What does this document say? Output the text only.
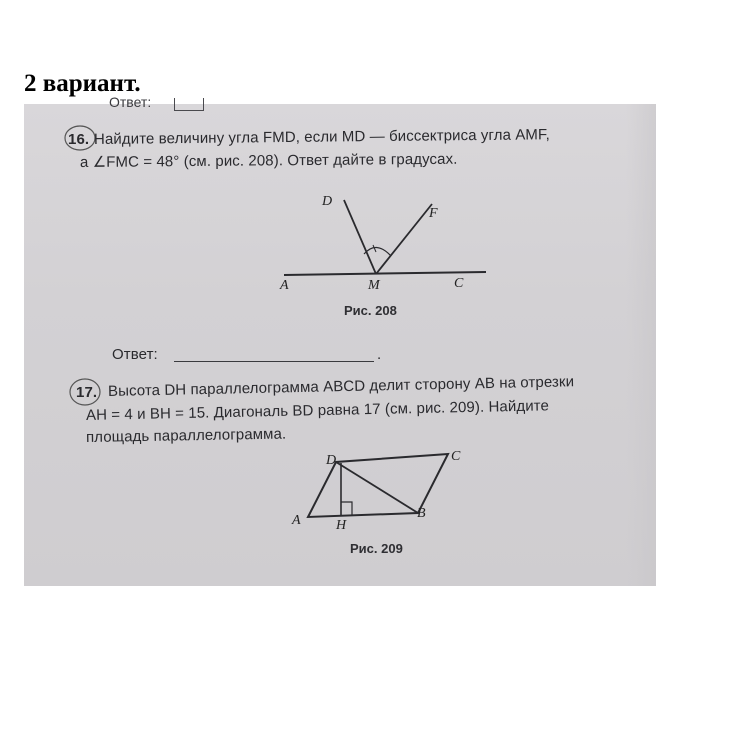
2 вариант.
Ответ:
16. Найдите величину угла FMD, если MD — биссектриса угла AMF,
а ∠FMC = 48° (см. рис. 208). Ответ дайте в градусах.
D
F
A	M	C
Рис. 208
Ответ:	.
17. Высота DH параллелограмма ABCD делит сторону AB на отрезки
AH = 4 и BH = 15. Диагональ BD равна 17 (см. рис. 209). Найдите
площадь параллелограмма.
D	C
A	H
B
Рис. 209
